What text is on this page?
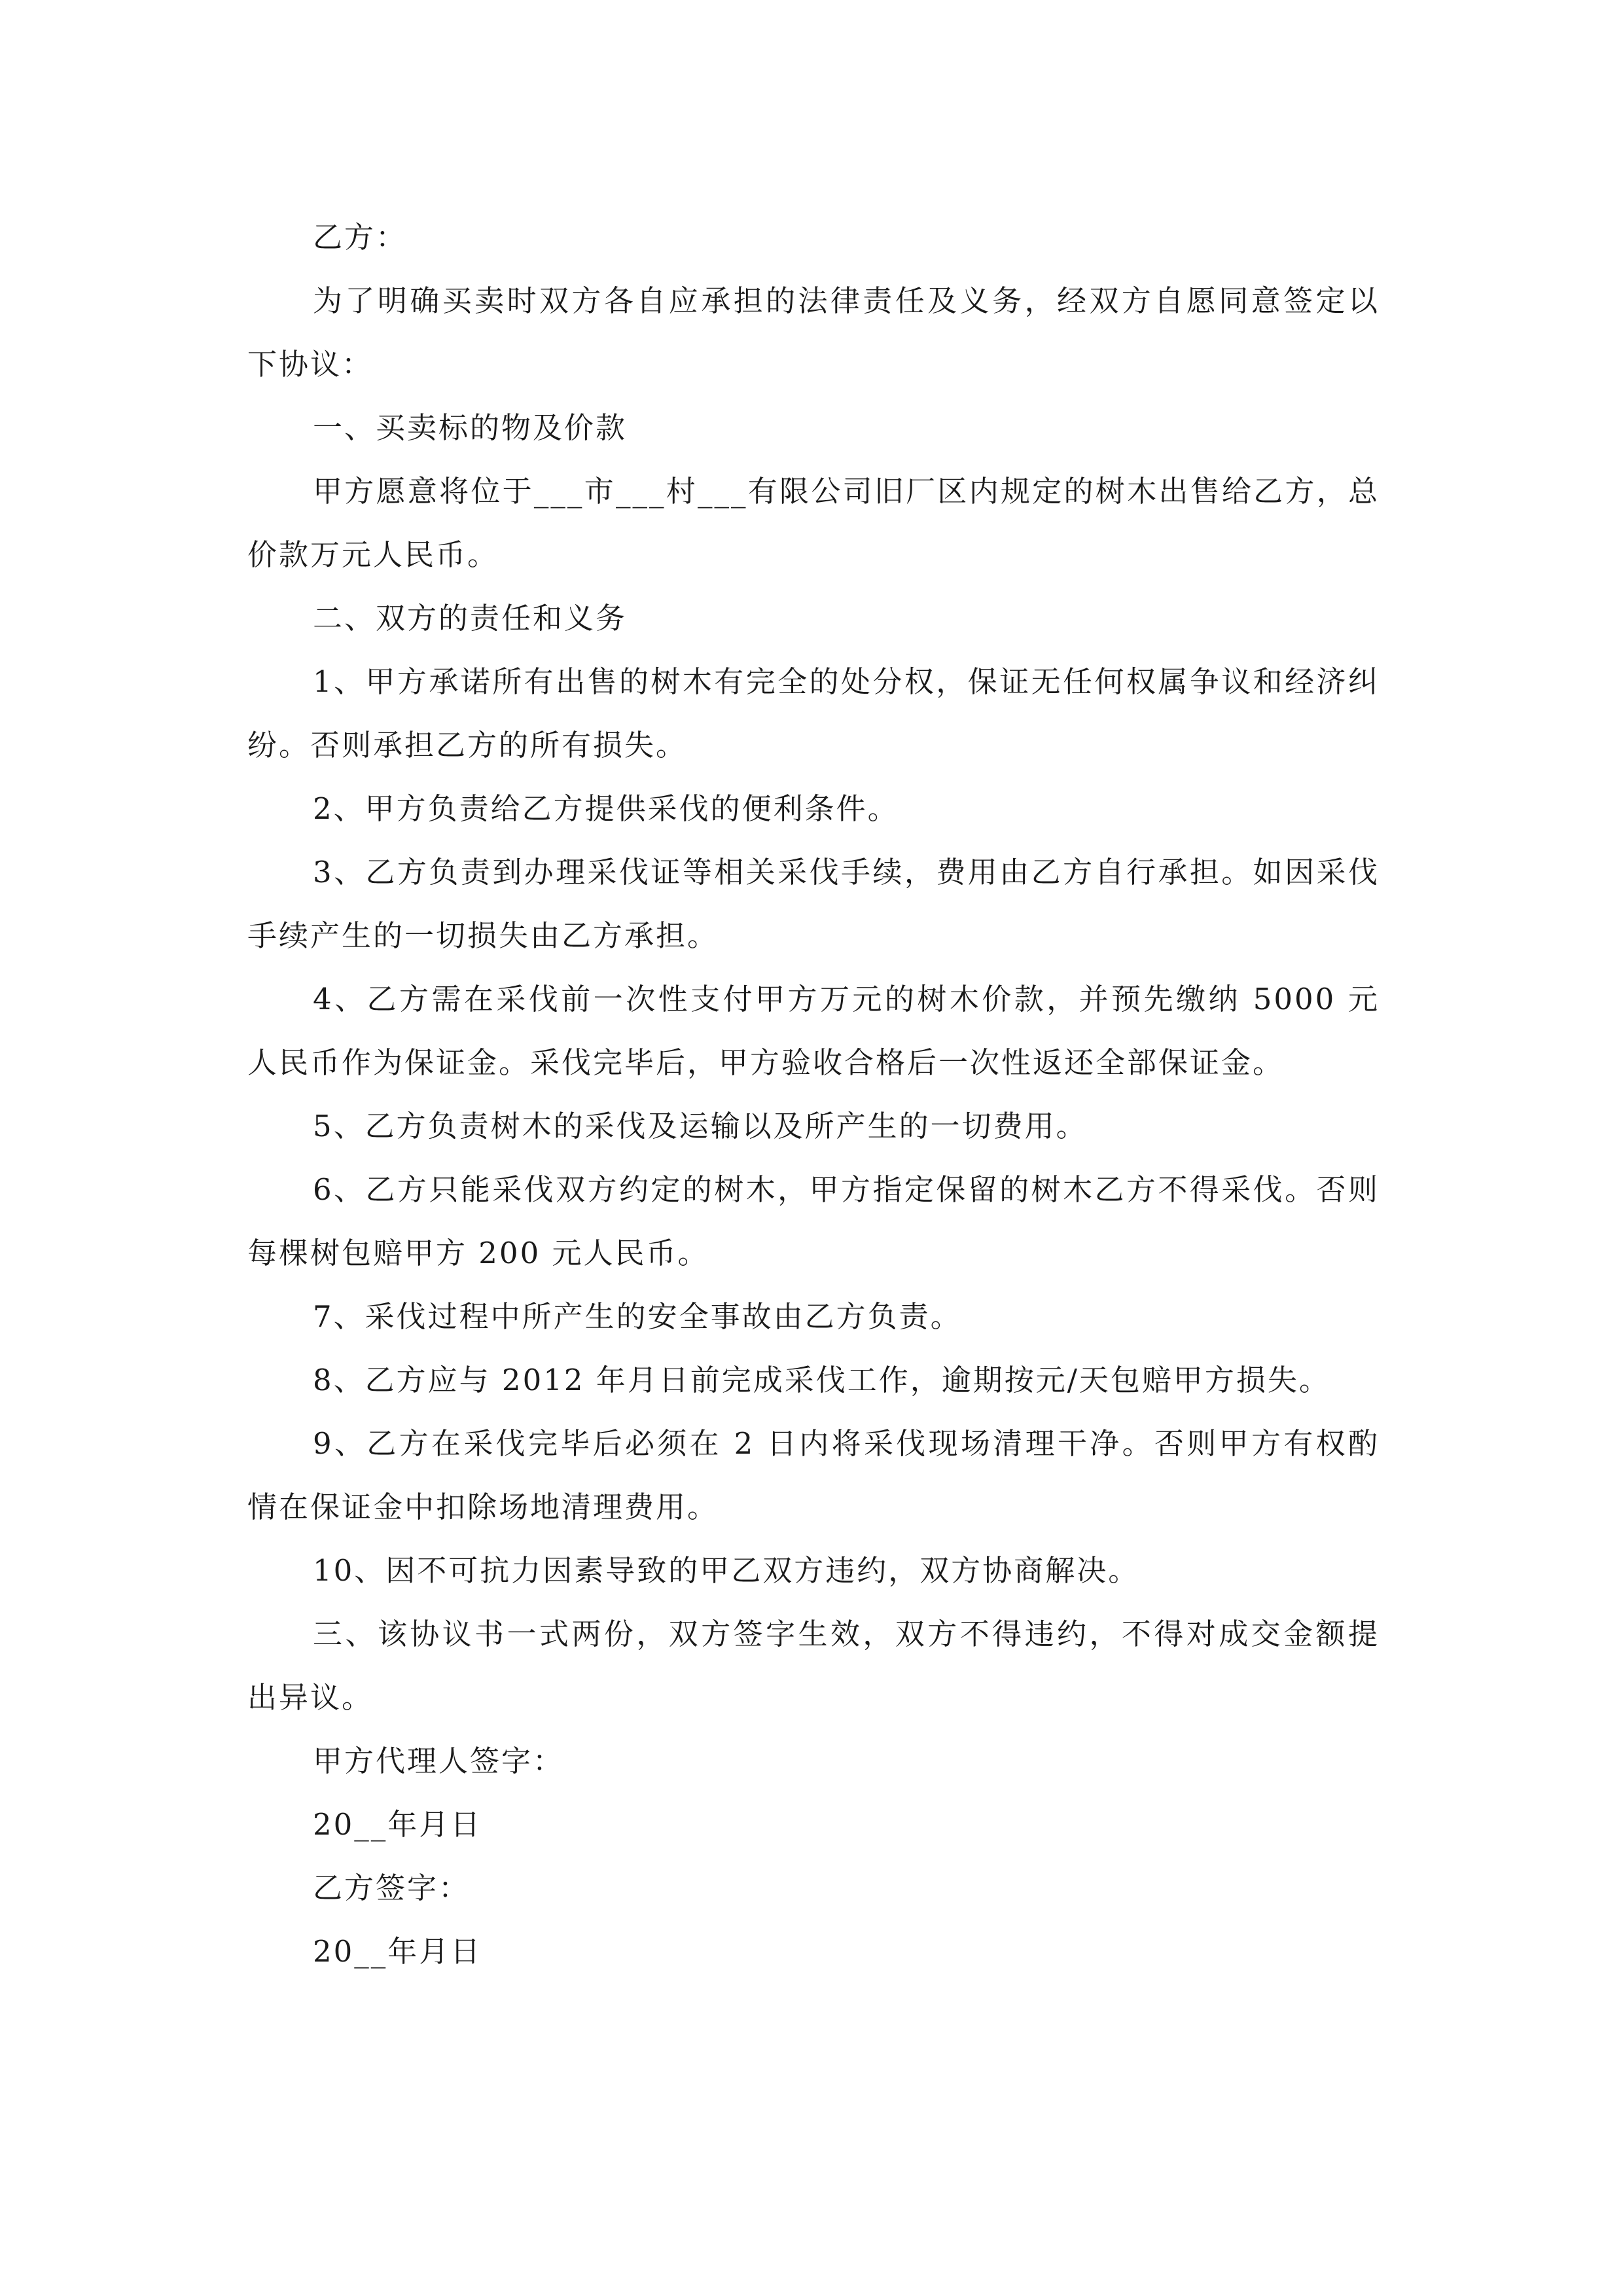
乙方：

为了明确买卖时双方各自应承担的法律责任及义务，经双方自愿同意签定以下协议：

一、买卖标的物及价款

甲方愿意将位于___市___村___有限公司旧厂区内规定的树木出售给乙方，总价款万元人民币。

二、双方的责任和义务

1、甲方承诺所有出售的树木有完全的处分权，保证无任何权属争议和经济纠纷。否则承担乙方的所有损失。

2、甲方负责给乙方提供采伐的便利条件。

3、乙方负责到办理采伐证等相关采伐手续，费用由乙方自行承担。如因采伐手续产生的一切损失由乙方承担。

4、乙方需在采伐前一次性支付甲方万元的树木价款，并预先缴纳 5000 元人民币作为保证金。采伐完毕后，甲方验收合格后一次性返还全部保证金。

5、乙方负责树木的采伐及运输以及所产生的一切费用。

6、乙方只能采伐双方约定的树木，甲方指定保留的树木乙方不得采伐。否则每棵树包赔甲方 200 元人民币。

7、采伐过程中所产生的安全事故由乙方负责。

8、乙方应与 2012 年月日前完成采伐工作，逾期按元/天包赔甲方损失。

9、乙方在采伐完毕后必须在 2 日内将采伐现场清理干净。否则甲方有权酌情在保证金中扣除场地清理费用。

10、因不可抗力因素导致的甲乙双方违约，双方协商解决。

三、该协议书一式两份，双方签字生效，双方不得违约，不得对成交金额提出异议。

甲方代理人签字：

20__年月日

乙方签字：

20__年月日
